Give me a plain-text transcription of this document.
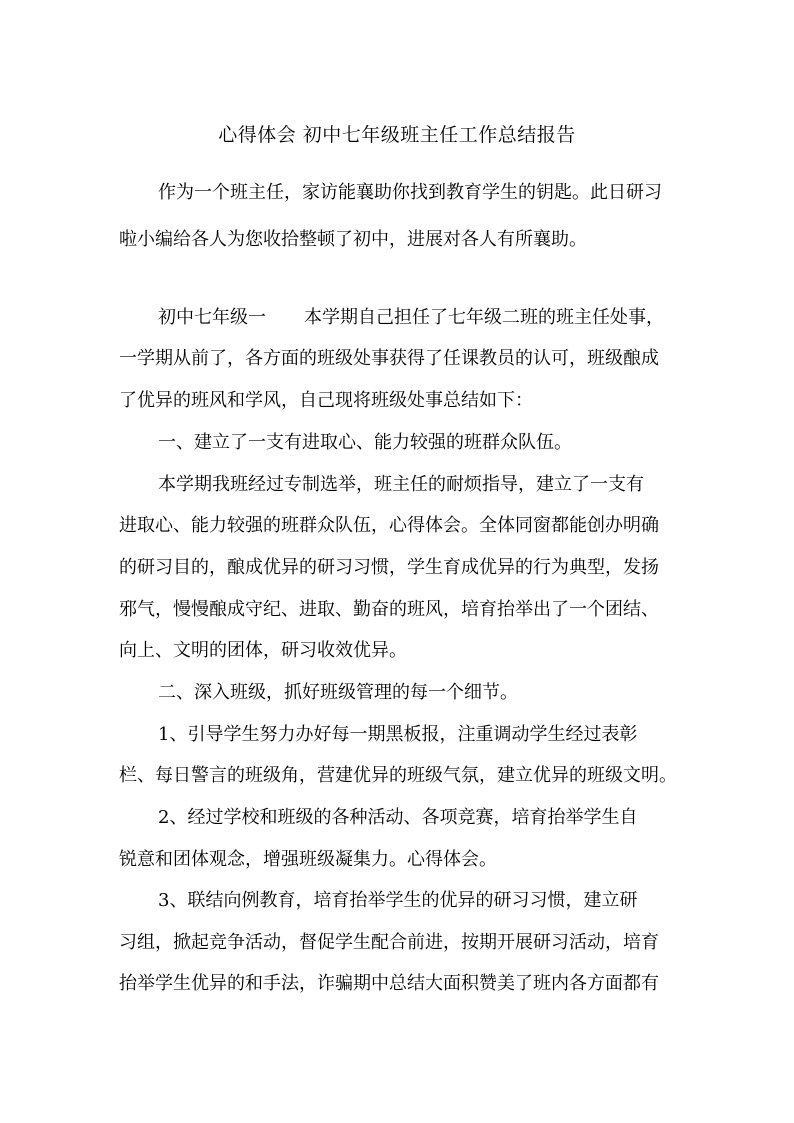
心得体会 初中七年级班主任工作总结报告
作为一个班主任，家访能襄助你找到教育学生的钥匙。此日研习
啦小编给各人为您收拾整顿了初中，进展对各人有所襄助。
初中七年级一 本学期自己担任了七年级二班的班主任处事，
一学期从前了，各方面的班级处事获得了任课教员的认可，班级酿成
了优异的班风和学风，自己现将班级处事总结如下：
一、建立了一支有进取心、能力较强的班群众队伍。
本学期我班经过专制选举，班主任的耐烦指导，建立了一支有
进取心、能力较强的班群众队伍，心得体会。全体同窗都能创办明确
的研习目的，酿成优异的研习习惯，学生育成优异的行为典型，发扬
邪气，慢慢酿成守纪、进取、勤奋的班风，培育抬举出了一个团结、
向上、文明的团体，研习收效优异。
二、深入班级，抓好班级管理的每一个细节。
1、引导学生努力办好每一期黑板报，注重调动学生经过表彰
栏、每日警言的班级角，营建优异的班级气氛，建立优异的班级文明。
2、经过学校和班级的各种活动、各项竞赛，培育抬举学生自
锐意和团体观念，增强班级凝集力。心得体会。
3、联结向例教育，培育抬举学生的优异的研习习惯，建立研
习组，掀起竞争活动，督促学生配合前进，按期开展研习活动，培育
抬举学生优异的和手法，诈骗期中总结大面积赞美了班内各方面都有
